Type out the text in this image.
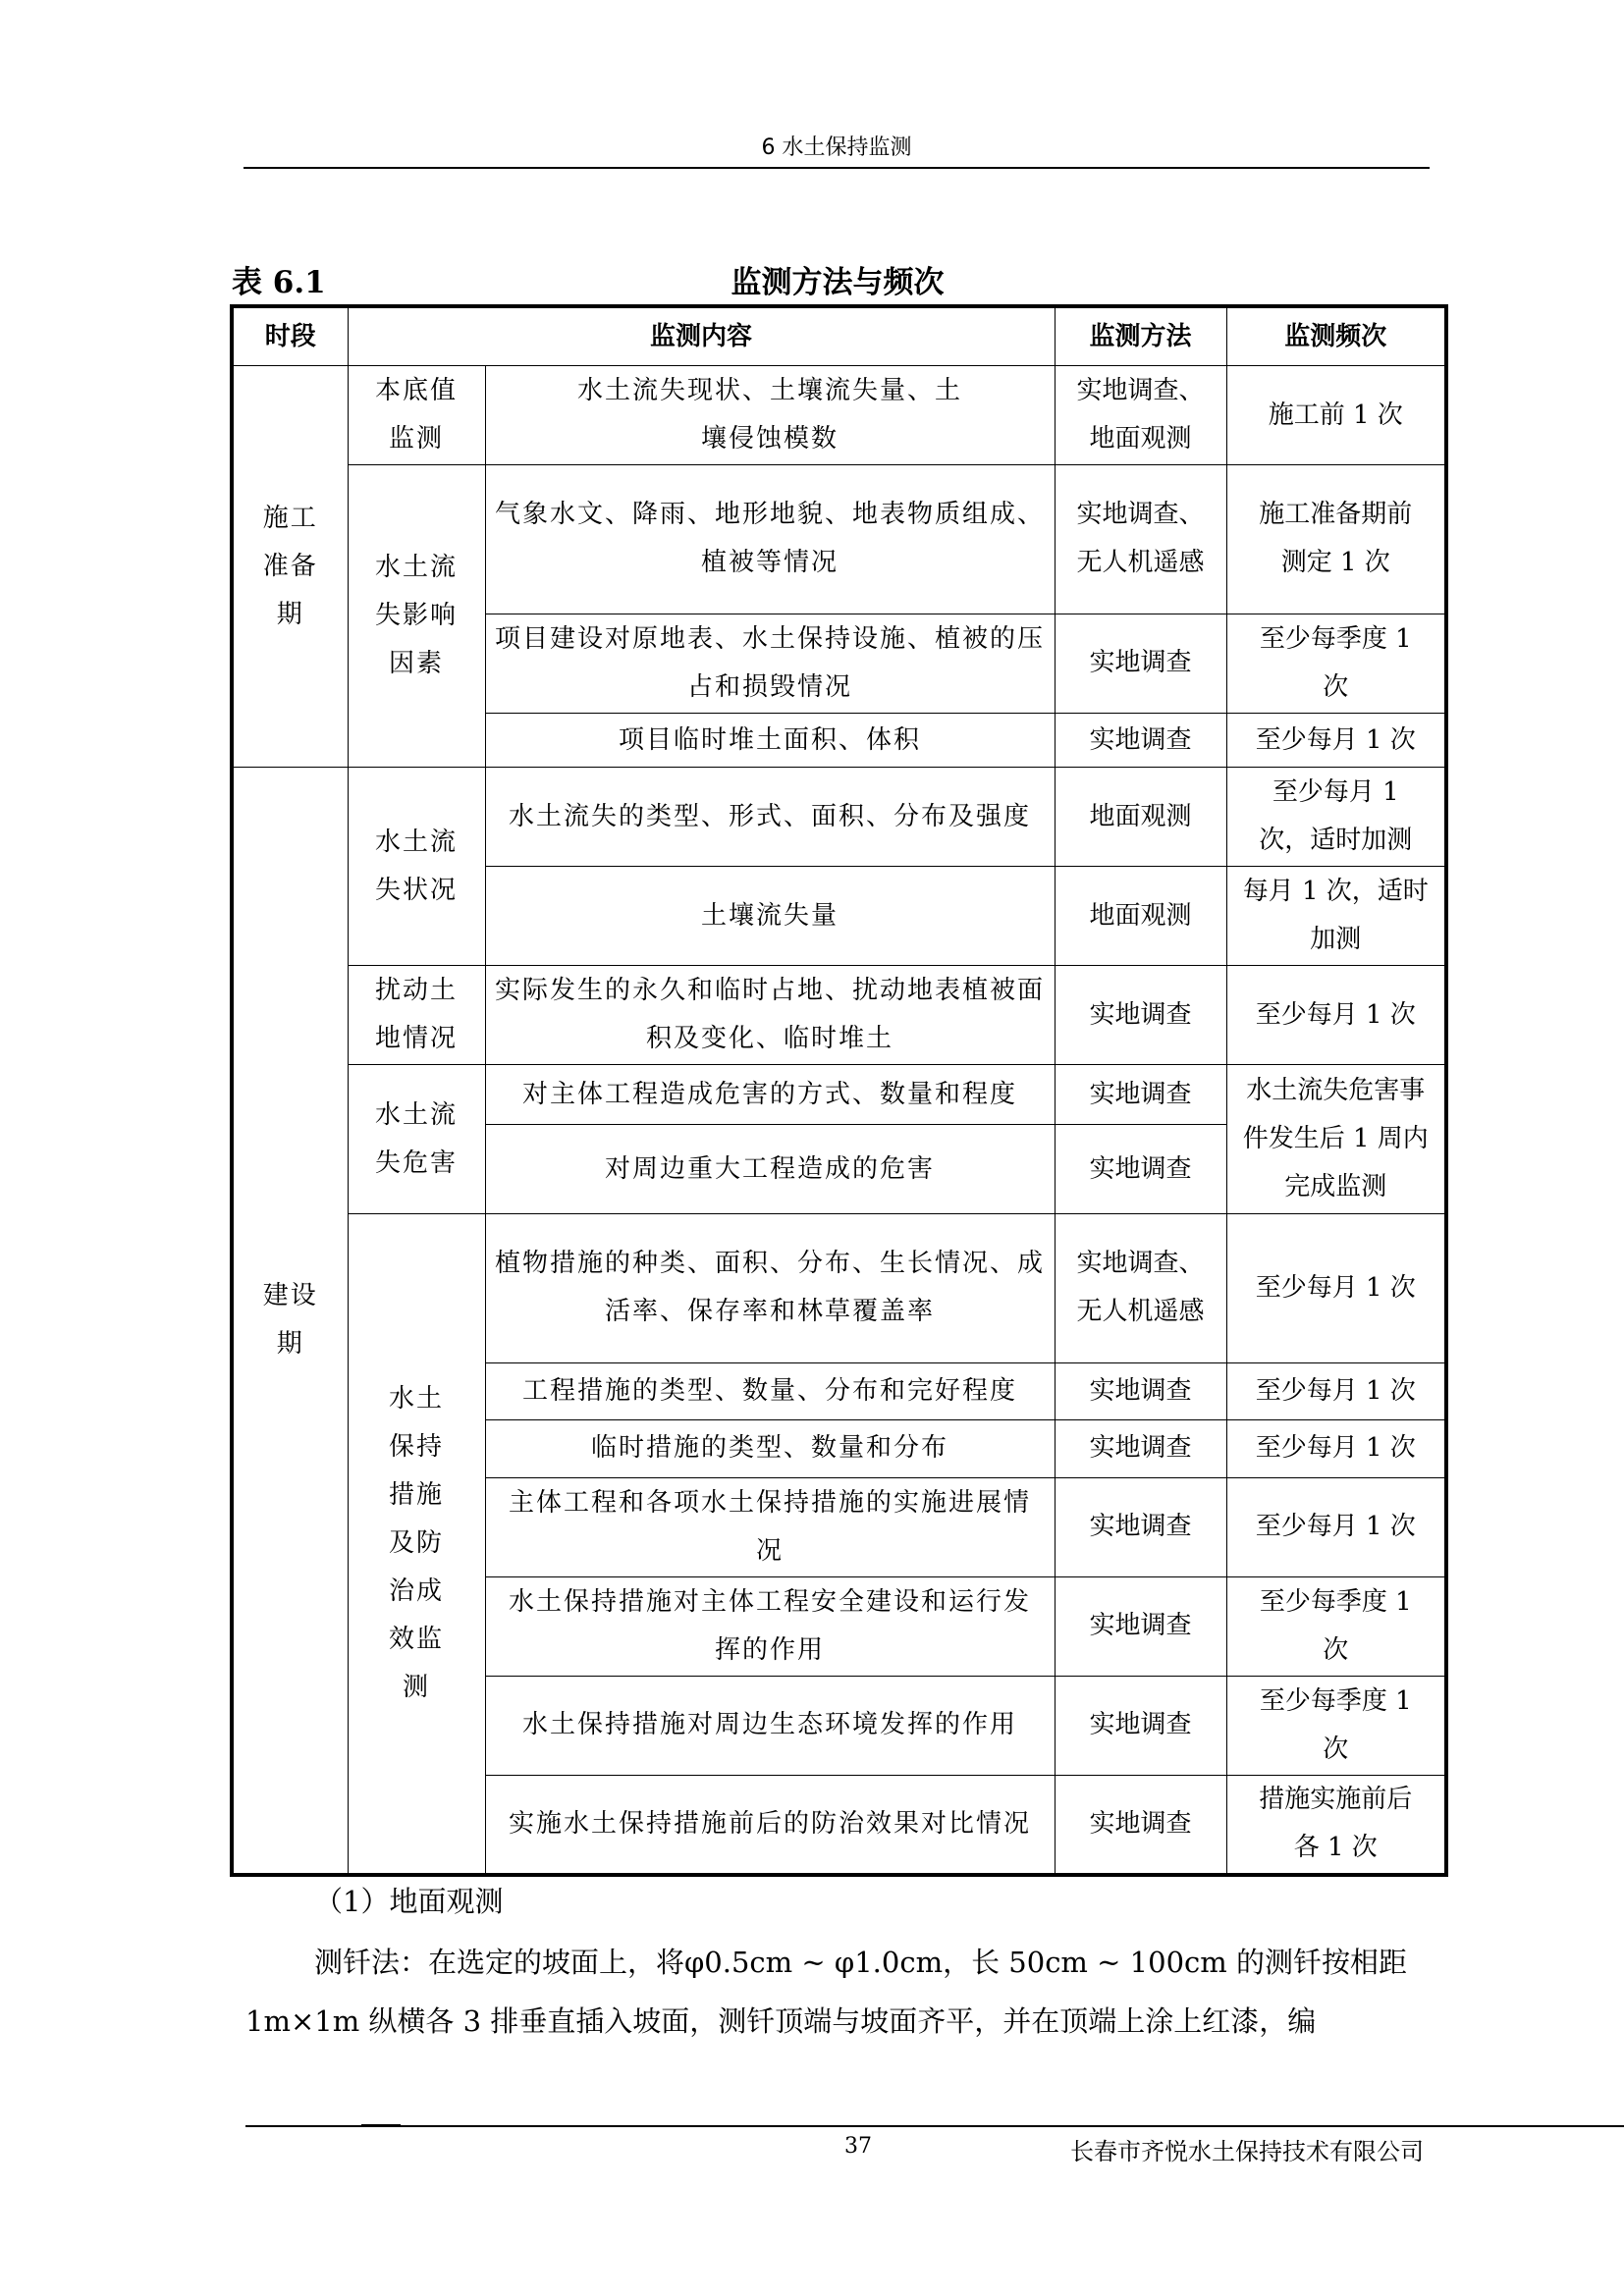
6 水土保持监测
监测方法与频次
表 6.1
时段	监测内容		监测方法	监测频次
施工准备期	本底值监测	水土流失现状、土壤流失量、土壤侵蚀模数	实地调查、地面观测	施工前 1 次
	水土流失影响因素	气象水文、降雨、地形地貌、地表物质组成、植被等情况	实地调查、无人机遥感	施工准备期前测定 1 次
		项目建设对原地表、水土保持设施、植被的压占和损毁情况	实地调查	至少每季度 1 次
		项目临时堆土面积、体积	实地调查	至少每月 1 次
建设期	水土流失状况	水土流失的类型、形式、面积、分布及强度	地面观测	至少每月 1 次，适时加测
		土壤流失量	地面观测	每月 1 次，适时加测
	扰动土地情况	实际发生的永久和临时占地、扰动地表植被面积及变化、临时堆土	实地调查	至少每月 1 次
	水土流失危害	对主体工程造成危害的方式、数量和程度	实地调查	水土流失危害事件发生后 1 周内完成监测
		对周边重大工程造成的危害	实地调查	
	水土保持措施及防治成效监测	植物措施的种类、面积、分布、生长情况、成活率、保存率和林草覆盖率	实地调查、无人机遥感	至少每月 1 次
		工程措施的类型、数量、分布和完好程度	实地调查	至少每月 1 次
		临时措施的类型、数量和分布	实地调查	至少每月 1 次
		主体工程和各项水土保持措施的实施进展情况	实地调查	至少每月 1 次
		水土保持措施对主体工程安全建设和运行发挥的作用	实地调查	至少每季度 1 次
		水土保持措施对周边生态环境发挥的作用	实地调查	至少每季度 1 次
		实施水土保持措施前后的防治效果对比情况	实地调查	措施实施前后各 1 次
（1）地面观测
测钎法：在选定的坡面上，将φ0.5cm ~ φ1.0cm，长 50cm ~ 100cm 的测钎按相距
1m×1m 纵横各 3 排垂直插入坡面，测钎顶端与坡面齐平，并在顶端上涂上红漆，编
37	长春市齐悦水土保持技术有限公司
